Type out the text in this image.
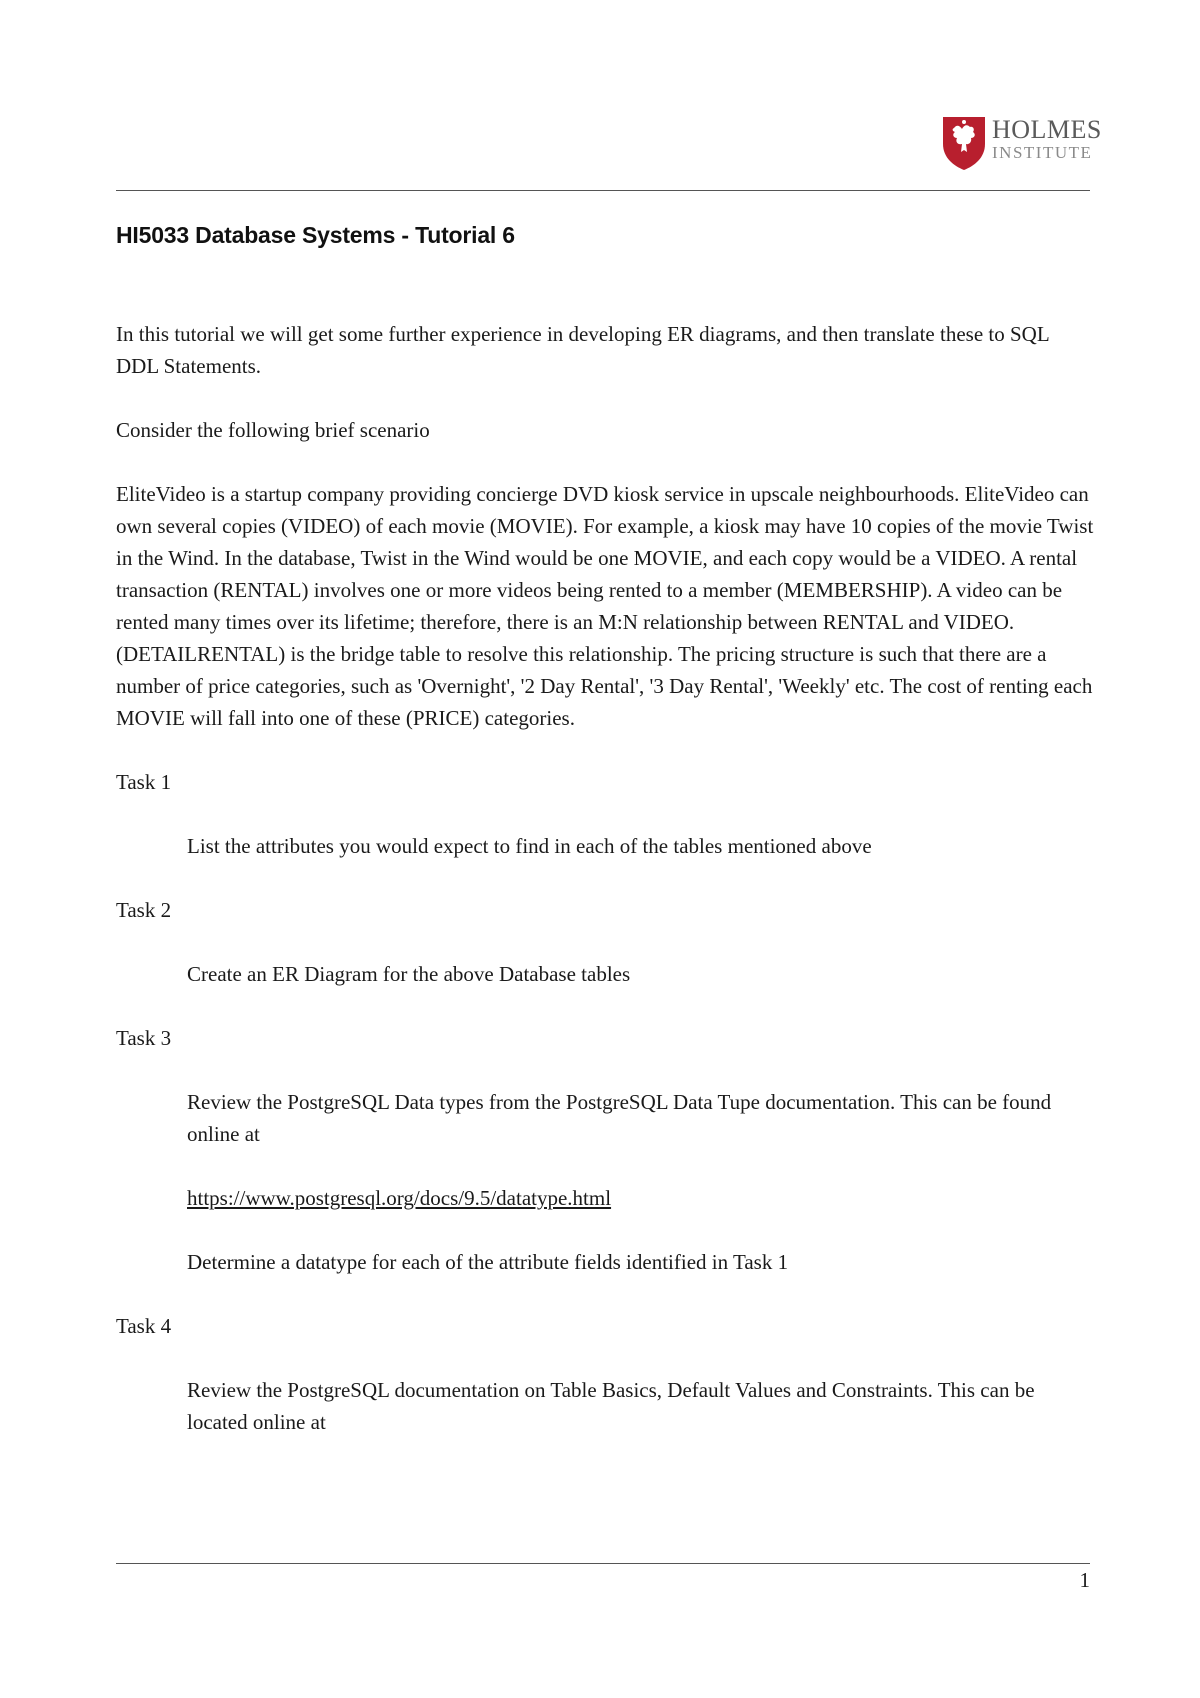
HOLMES
INSTITUTE
HI5033 Database Systems - Tutorial 6

In this tutorial we will get some further experience in developing ER diagrams, and then translate these to SQL DDL Statements.

Consider the following brief scenario

EliteVideo is a startup company providing concierge DVD kiosk service in upscale neighbourhoods. EliteVideo can own several copies (VIDEO) of each movie (MOVIE). For example, a kiosk may have 10 copies of the movie Twist in the Wind. In the database, Twist in the Wind would be one MOVIE, and each copy would be a VIDEO. A rental transaction (RENTAL) involves one or more videos being rented to a member (MEMBERSHIP). A video can be rented many times over its lifetime; therefore, there is an M:N relationship between RENTAL and VIDEO. (DETAILRENTAL) is the bridge table to resolve this relationship. The pricing structure is such that there are a number of price categories, such as 'Overnight', '2 Day Rental', '3 Day Rental', 'Weekly' etc. The cost of renting each MOVIE will fall into one of these (PRICE) categories.

Task 1

List the attributes you would expect to find in each of the tables mentioned above

Task 2

Create an ER Diagram for the above Database tables

Task 3

Review the PostgreSQL Data types from the PostgreSQL Data Tupe documentation. This can be found online at

https://www.postgresql.org/docs/9.5/datatype.html

Determine a datatype for each of the attribute fields identified in Task 1

Task 4

Review the PostgreSQL documentation on Table Basics, Default Values and Constraints. This can be located online at

1
